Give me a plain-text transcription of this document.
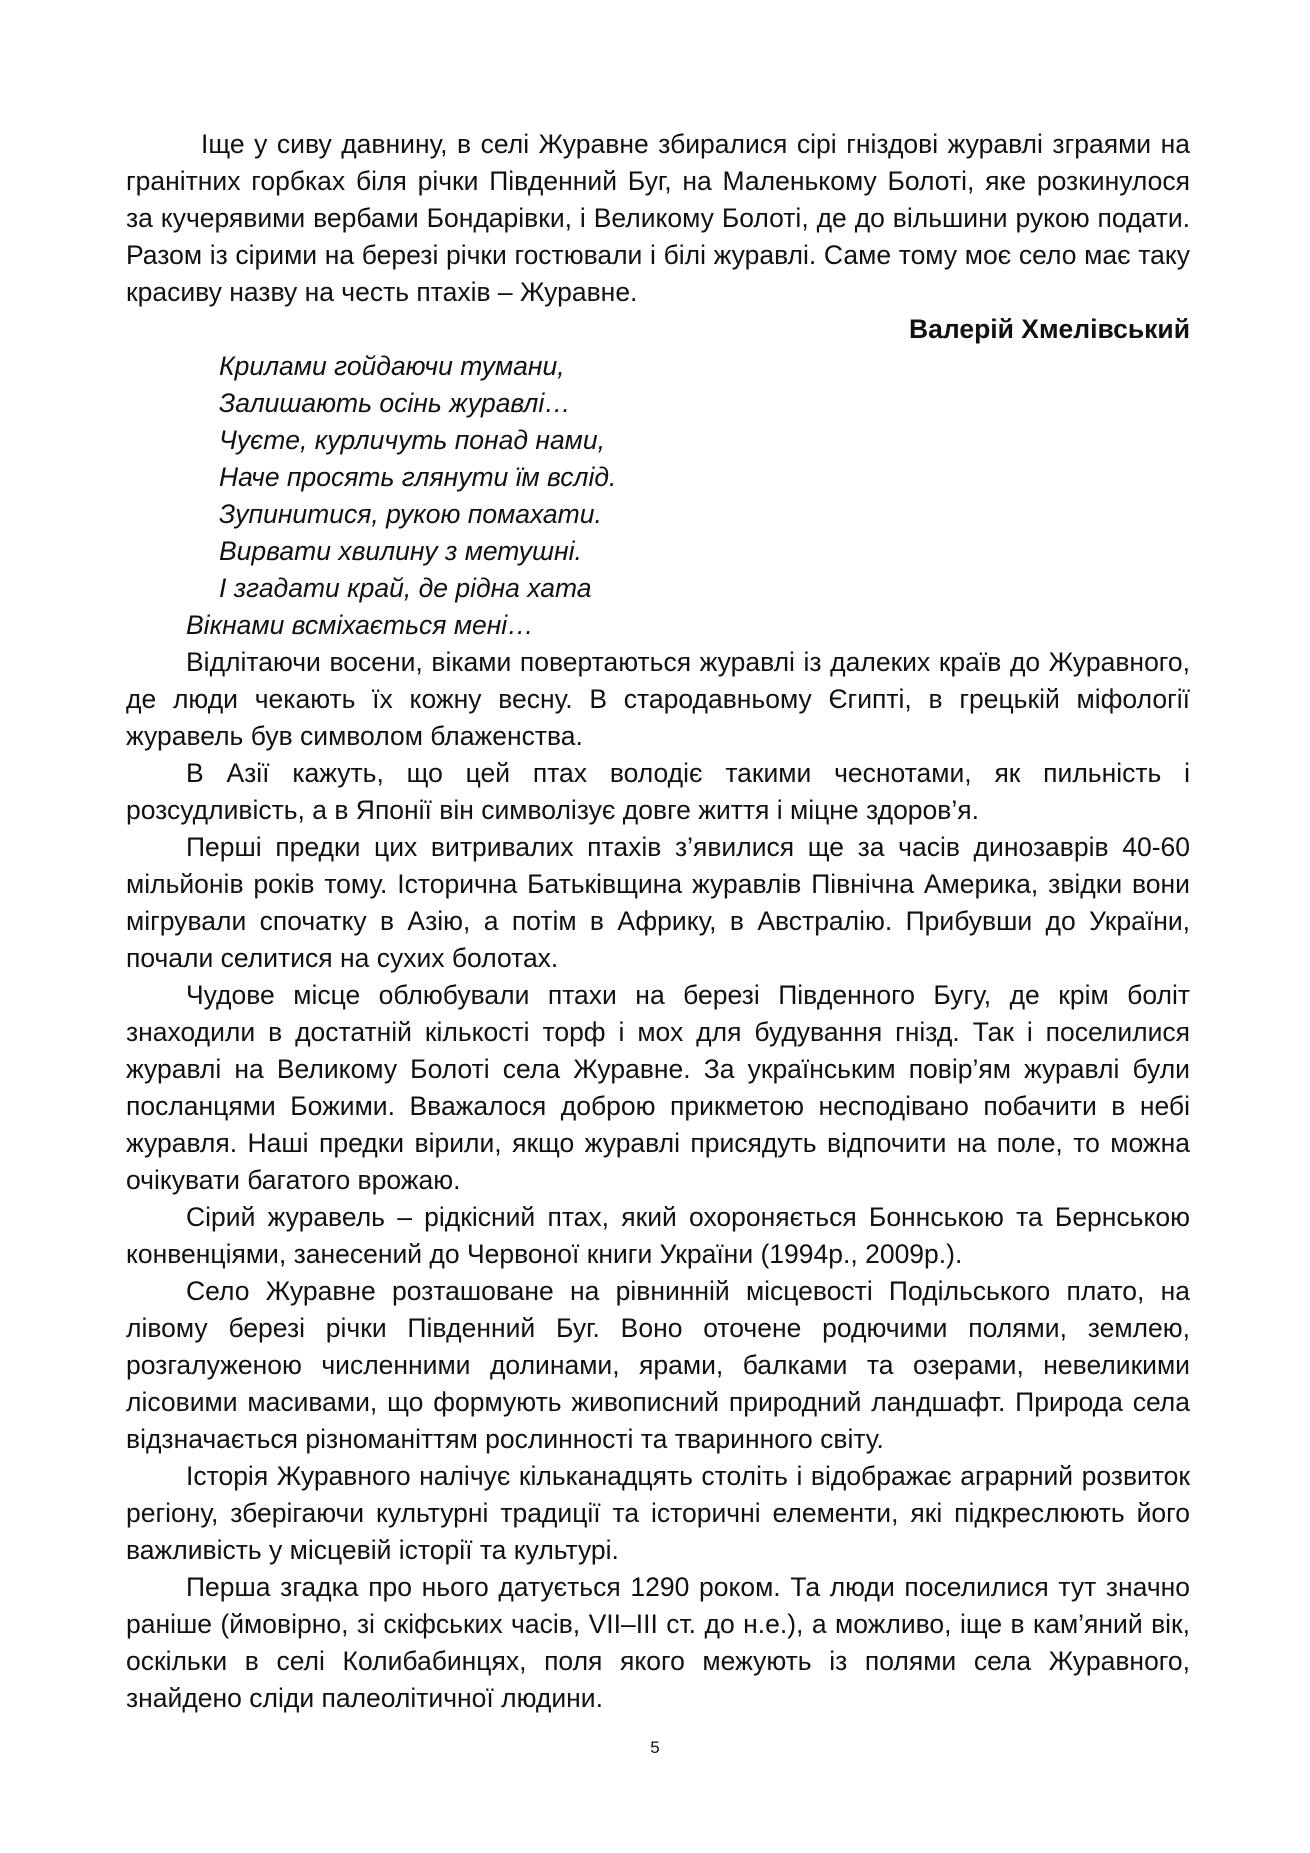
Іще у сиву давнину, в селі Журавне збиралися сірі гніздові журавлі зграями на гранітних горбках біля річки Південний Буг, на Маленькому Болоті, яке розкинулося за кучерявими вербами Бондарівки, і Великому Болоті, де до вільшини рукою подати. Разом із сірими на березі річки гостювали і білі журавлі. Саме тому моє село має таку красиву назву на честь птахів – Журавне.

Валерій Хмелівський

Крилами гойдаючи тумани,
Залишають осінь журавлі…
Чуєте, курличуть понад нами,
Наче просять глянути їм вслід.
Зупинитися, рукою помахати.
Вирвати хвилину з метушні.
І згадати край, де рідна хата
Вікнами всміхається мені…

Відлітаючи восени, віками повертаються журавлі із далеких країв до Журавного, де люди чекають їх кожну весну. В стародавньому Єгипті, в грецькій міфології журавель був символом блаженства.

В Азії кажуть, що цей птах володіє такими чеснотами, як пильність і розсудливість, а в Японії він символізує довге життя і міцне здоров’я.

Перші предки цих витривалих птахів з’явилися ще за часів динозаврів 40-60 мільйонів років тому. Історична Батьківщина журавлів Північна Америка, звідки вони мігрували спочатку в Азію, а потім в Африку, в Австралію. Прибувши до України, почали селитися на сухих болотах.

Чудове місце облюбували птахи на березі Південного Бугу, де крім боліт знаходили в достатній кількості торф і мох для будування гнізд. Так і поселилися журавлі на Великому Болоті села Журавне. За українським повір’ям журавлі були посланцями Божими. Вважалося доброю прикметою несподівано побачити в небі журавля. Наші предки вірили, якщо журавлі присядуть відпочити на поле, то можна очікувати багатого врожаю.

Сірий журавель – рідкісний птах, який охороняється Боннською та Бернською конвенціями, занесений до Червоної книги України (1994р., 2009р.).

Село Журавне розташоване на рівнинній місцевості Подільського плато, на лівому березі річки Південний Буг. Воно оточене родючими полями, землею, розгалуженою численними долинами, ярами, балками та озерами, невеликими лісовими масивами, що формують живописний природний ландшафт. Природа села відзначається різноманіттям рослинності та тваринного світу.

Історія Журавного налічує кільканадцять століть і відображає аграрний розвиток регіону, зберігаючи культурні традиції та історичні елементи, які підкреслюють його важливість у місцевій історії та культурі.

Перша згадка про нього датується 1290 роком. Та люди поселилися тут значно раніше (ймовірно, зі скіфських часів, VII–III ст. до н.е.), а можливо, іще в кам’яний вік, оскільки в селі Колибабинцях, поля якого межують із полями села Журавного, знайдено сліди палеолітичної людини.

5
